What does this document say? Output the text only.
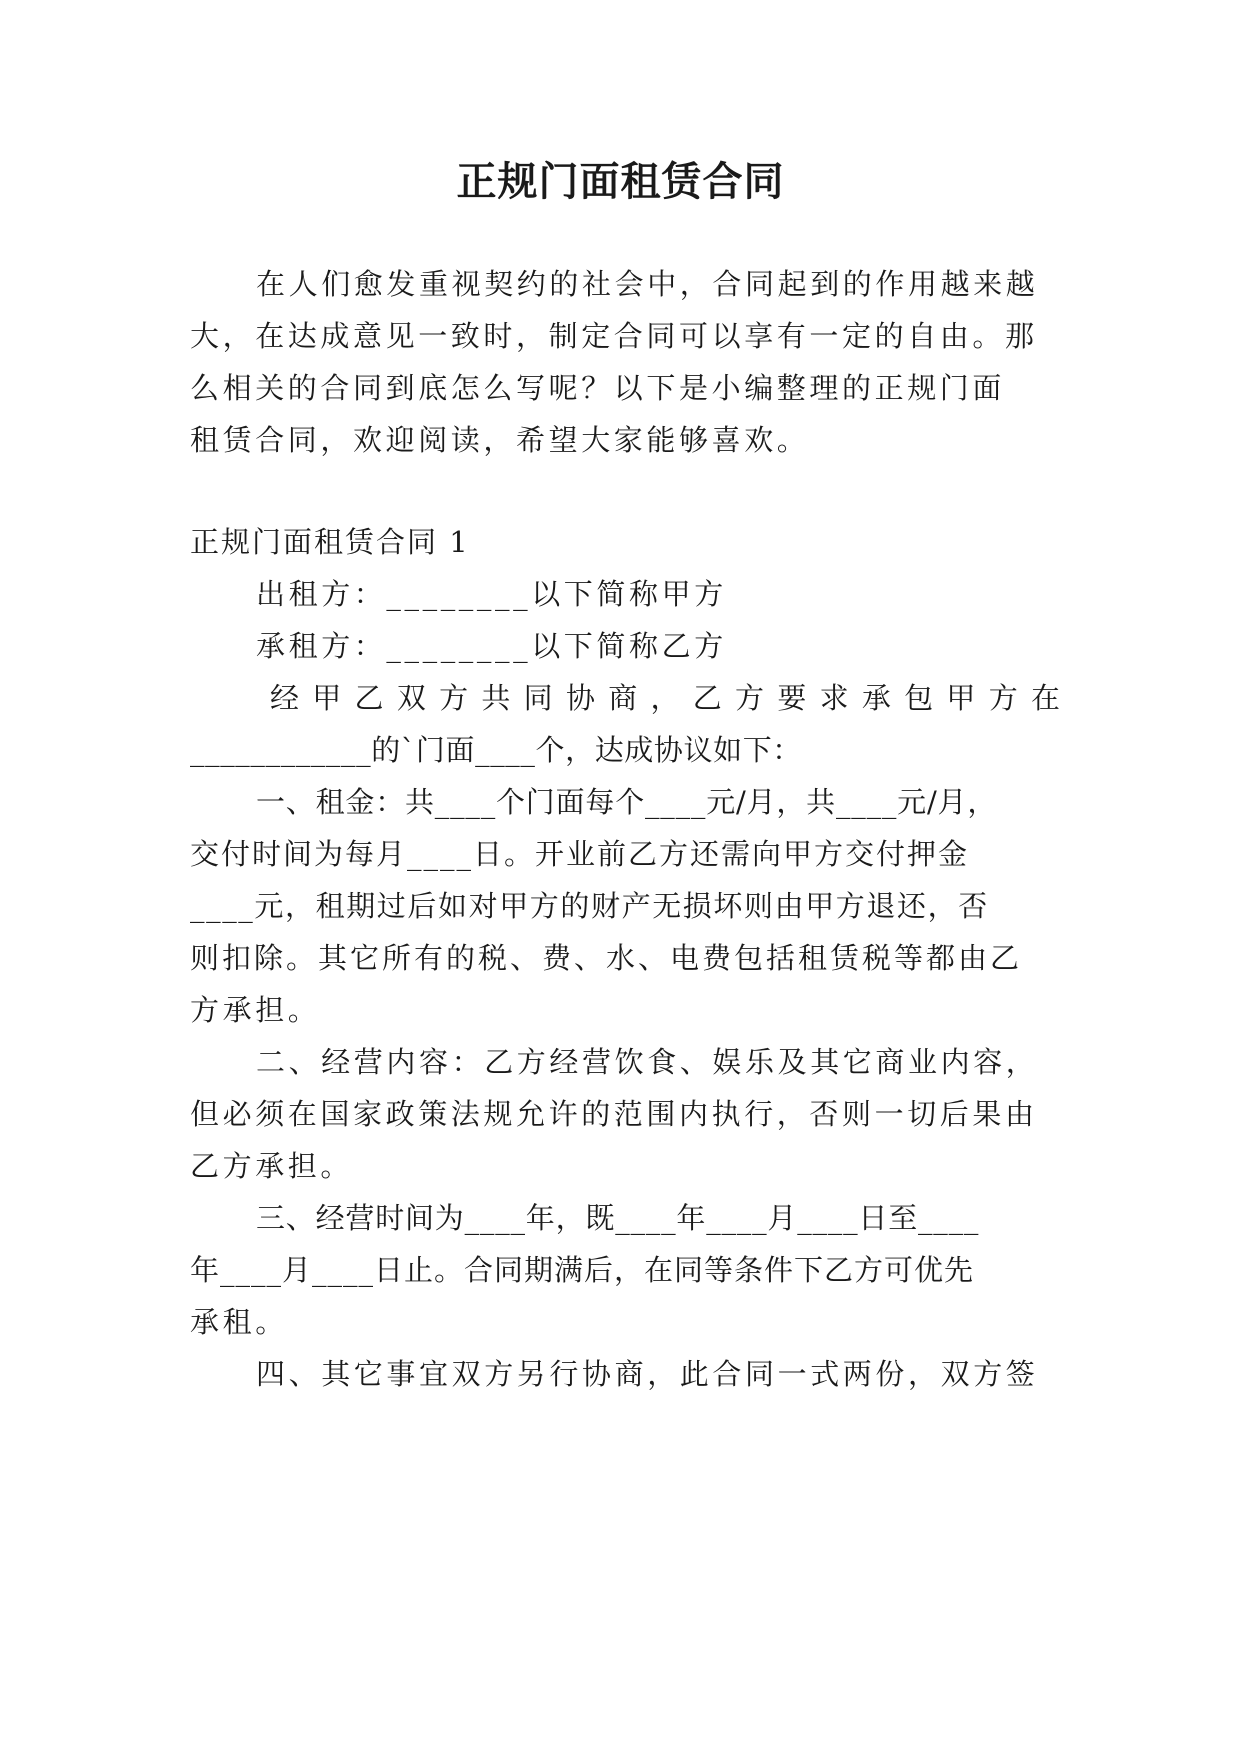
正规门面租赁合同
在人们愈发重视契约的社会中，合同起到的作用越来越
大，在达成意见一致时，制定合同可以享有一定的自由。那
么相关的合同到底怎么写呢？以下是小编整理的正规门面
租赁合同，欢迎阅读，希望大家能够喜欢。
正规门面租赁合同 1
出租方：________以下简称甲方
承租方：________以下简称乙方
经 甲 乙 双 方 共 同 协 商 ， 乙 方 要 求 承 包 甲 方 在
____________的`门面____个，达成协议如下：
一、租金：共____个门面每个____元/月，共____元/月，
交付时间为每月____日。开业前乙方还需向甲方交付押金
____元，租期过后如对甲方的财产无损坏则由甲方退还，否
则扣除。其它所有的税、费、水、电费包括租赁税等都由乙
方承担。
二、经营内容：乙方经营饮食、娱乐及其它商业内容，
但必须在国家政策法规允许的范围内执行，否则一切后果由
乙方承担。
三、经营时间为____年，既____年____月____日至____
年____月____日止。合同期满后，在同等条件下乙方可优先
承租。
四、其它事宜双方另行协商，此合同一式两份，双方签
